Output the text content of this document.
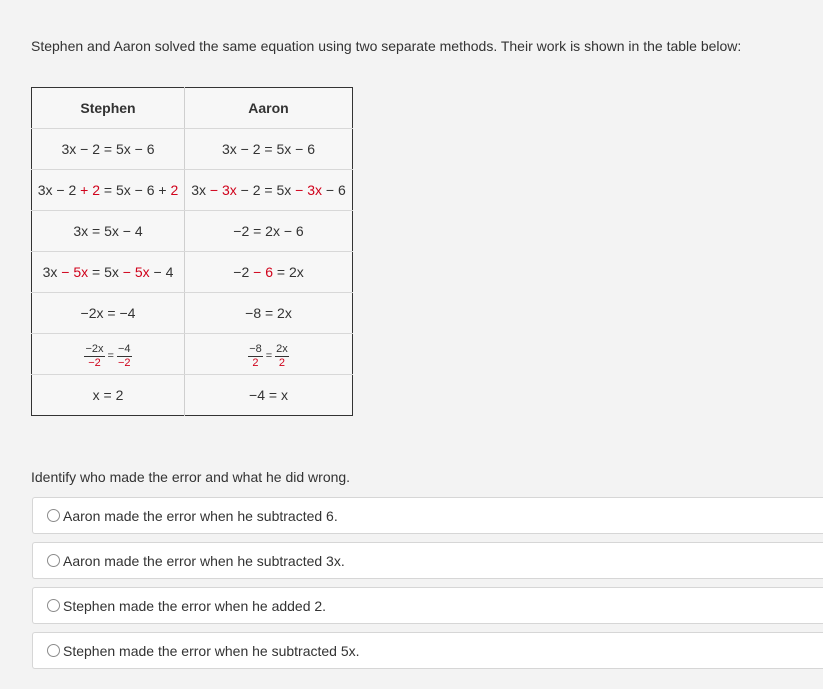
Stephen and Aaron solved the same equation using two separate methods. Their work is shown in the table below:
Stephen	Aaron
3x − 2 = 5x − 6	3x − 2 = 5x − 6
3x − 2 + 2 = 5x − 6 + 2	3x − 3x − 2 = 5x − 3x − 6
3x = 5x − 4	−2 = 2x − 6
3x − 5x = 5x − 5x − 4	−2 − 6 = 2x
−2x = −4	−8 = 2x

$\frac{-2x}{-2} = \frac{-4}{-2}$	$\frac{-8}{2} = \frac{2x}{2}$

x = 2	−4 = x
Identify who made the error and what he did wrong.
Aaron made the error when he subtracted 6.
Aaron made the error when he subtracted 3x.
Stephen made the error when he added 2.
Stephen made the error when he subtracted 5x.
